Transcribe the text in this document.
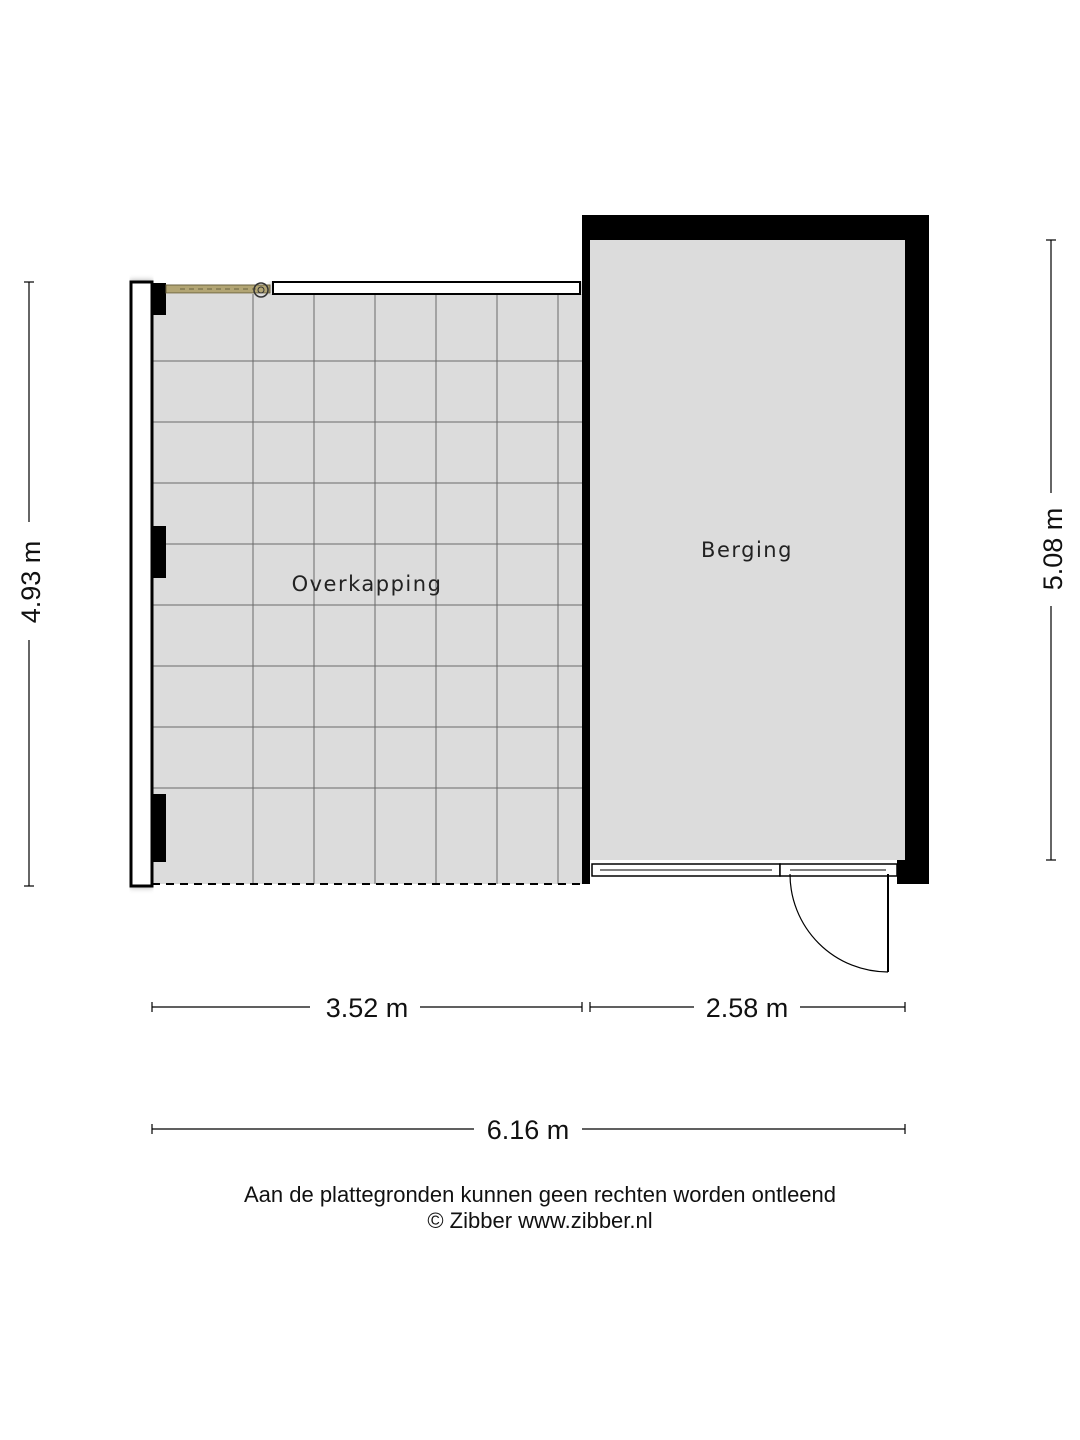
Overkapping
Berging
4.93 m	5.08 m
3.52 m	2.58 m
6.16 m
Aan de plattegronden kunnen geen rechten worden ontleend
© Zibber www.zibber.nl
